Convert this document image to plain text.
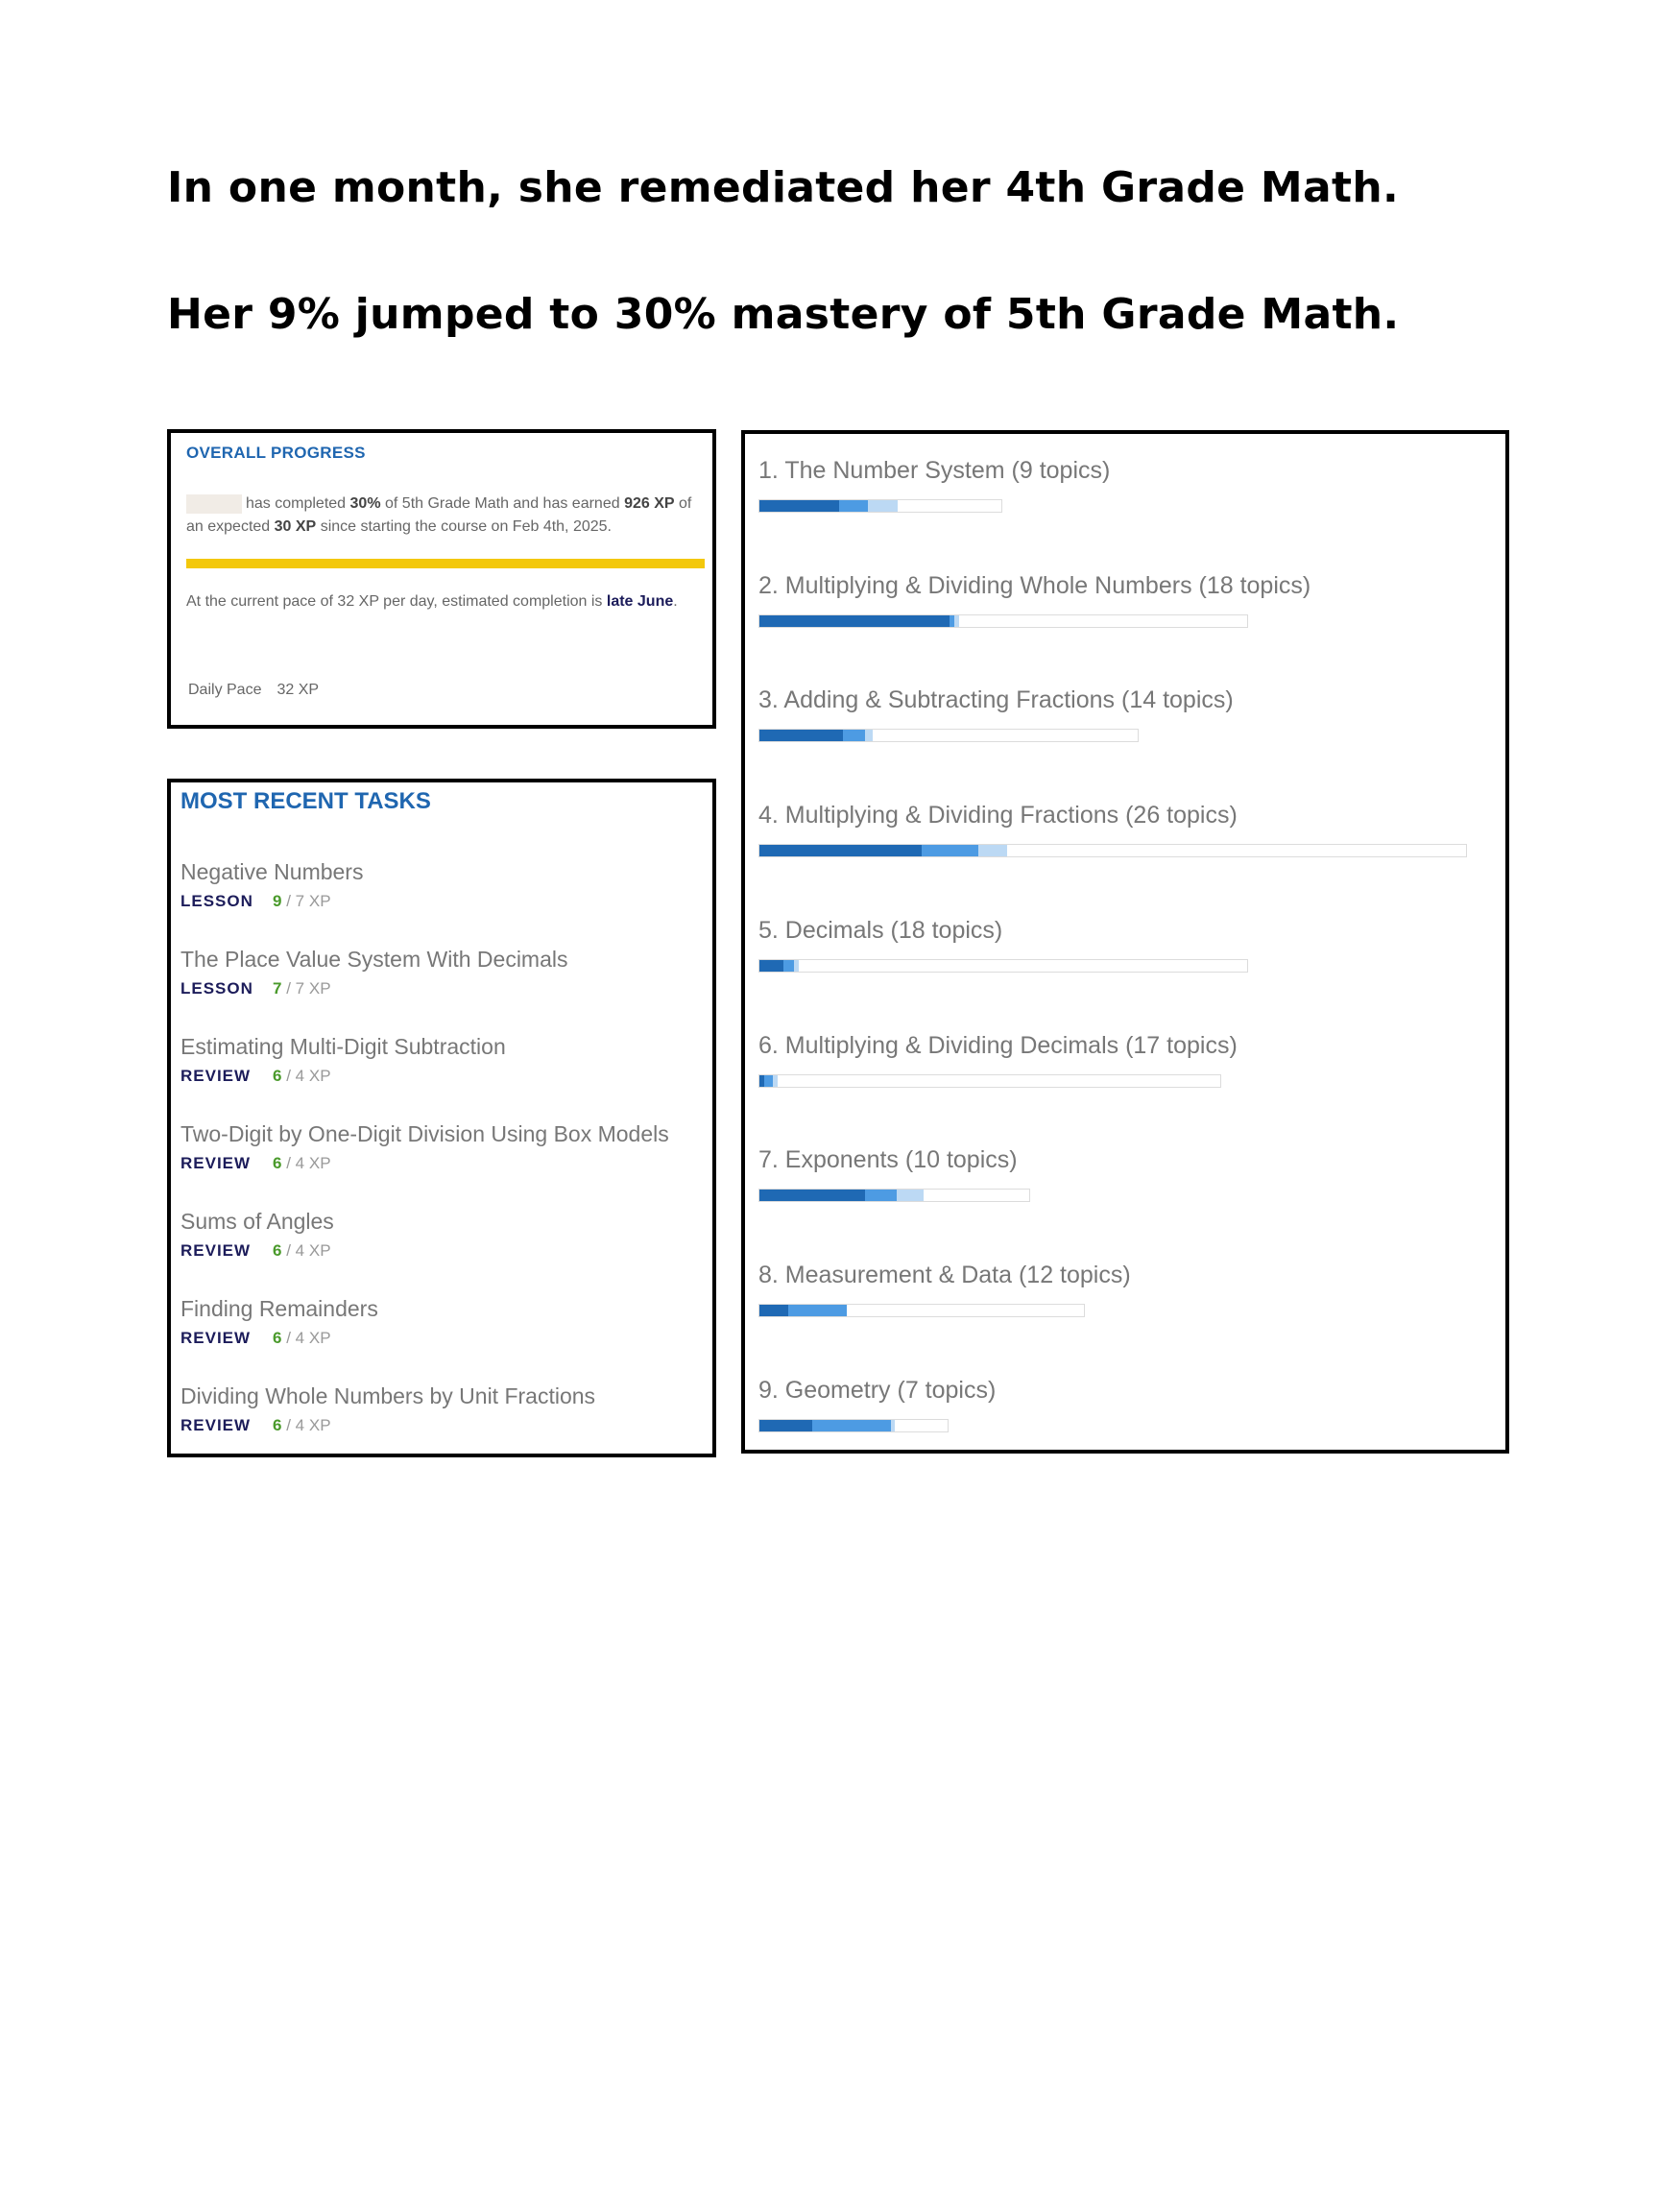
In one month, she remediated her 4th Grade Math.
Her 9% jumped to 30% mastery of 5th Grade Math.
OVERALL PROGRESS
has completed 30% of 5th Grade Math and has earned 926 XP of an expected 30 XP since starting the course on Feb 4th, 2025.
At the current pace of 32 XP per day, estimated completion is late June.
Daily Pace 32 XP
MOST RECENT TASKS
Negative Numbers
LESSON 9 / 7 XP
The Place Value System With Decimals
LESSON 7 / 7 XP
Estimating Multi-Digit Subtraction
REVIEW 6 / 4 XP
Two-Digit by One-Digit Division Using Box Models
REVIEW 6 / 4 XP
Sums of Angles
REVIEW 6 / 4 XP
Finding Remainders
REVIEW 6 / 4 XP
Dividing Whole Numbers by Unit Fractions
REVIEW 6 / 4 XP
1. The Number System (9 topics)
2. Multiplying & Dividing Whole Numbers (18 topics)
3. Adding & Subtracting Fractions (14 topics)
4. Multiplying & Dividing Fractions (26 topics)
5. Decimals (18 topics)
6. Multiplying & Dividing Decimals (17 topics)
7. Exponents (10 topics)
8. Measurement & Data (12 topics)
9. Geometry (7 topics)
